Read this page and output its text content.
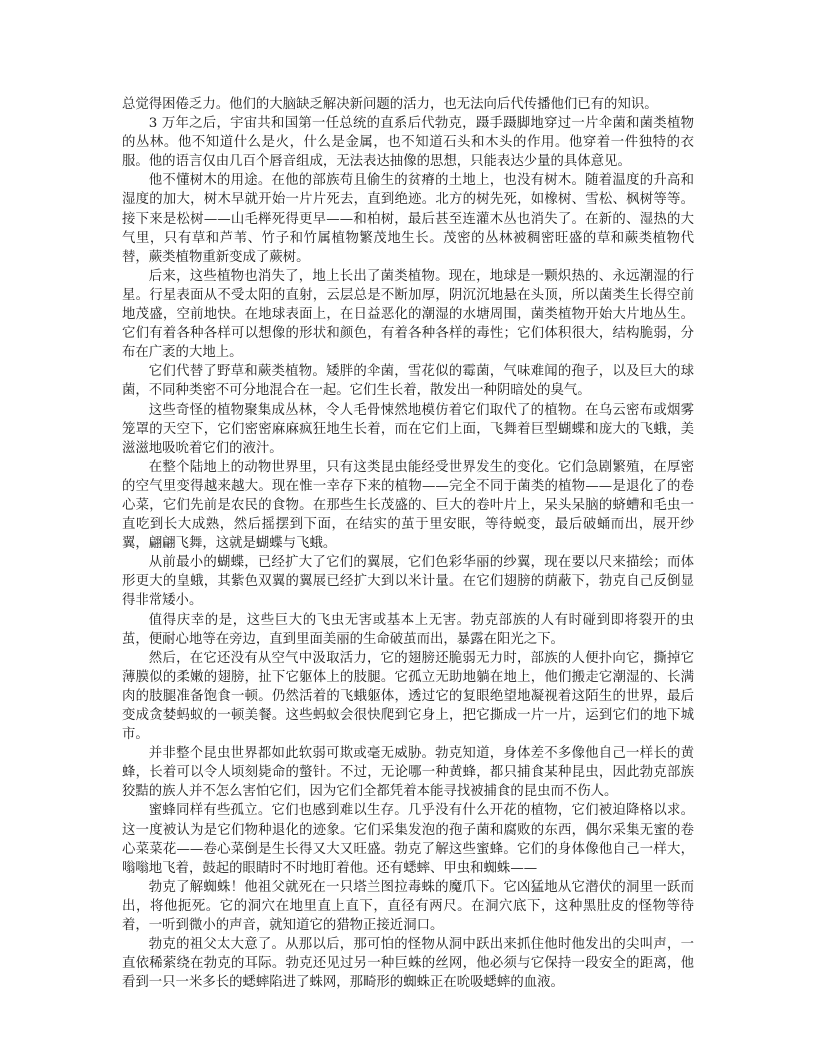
总觉得困倦乏力。他们的大脑缺乏解决新问题的活力，也无法向后代传播他们已有的知识。

3 万年之后，宇宙共和国第一任总统的直系后代勃克，蹑手蹑脚地穿过一片伞菌和菌类植物的丛林。他不知道什么是火，什么是金属，也不知道石头和木头的作用。他穿着一件独特的衣服。他的语言仅由几百个唇音组成，无法表达抽像的思想，只能表达少量的具体意见。

他不懂树木的用途。在他的部族苟且偷生的贫瘠的土地上，也没有树木。随着温度的升高和湿度的加大，树木早就开始一片片死去，直到绝迹。北方的树先死，如橡树、雪松、枫树等等。接下来是松树——山毛榉死得更早——和柏树，最后甚至连灌木丛也消失了。在新的、湿热的大气里，只有草和芦苇、竹子和竹属植物繁茂地生长。茂密的丛林被稠密旺盛的草和蕨类植物代替，蕨类植物重新变成了蕨树。

后来，这些植物也消失了，地上长出了菌类植物。现在，地球是一颗炽热的、永远潮湿的行星。行星表面从不受太阳的直射，云层总是不断加厚，阴沉沉地悬在头顶，所以菌类生长得空前地茂盛，空前地快。在地球表面上，在日益恶化的潮湿的水塘周围，菌类植物开始大片地丛生。它们有着各种各样可以想像的形状和颜色，有着各种各样的毒性；它们体积很大，结构脆弱，分布在广袤的大地上。

它们代替了野草和蕨类植物。矮胖的伞菌，雪花似的霉菌，气味难闻的孢子，以及巨大的球菌，不同种类密不可分地混合在一起。它们生长着，散发出一种阴暗处的臭气。

这些奇怪的植物聚集成丛林，令人毛骨悚然地模仿着它们取代了的植物。在乌云密布或烟雾笼罩的天空下，它们密密麻麻疯狂地生长着，而在它们上面，飞舞着巨型蝴蝶和庞大的飞蛾，美滋滋地吸吮着它们的液汁。

在整个陆地上的动物世界里，只有这类昆虫能经受世界发生的变化。它们急剧繁殖，在厚密的空气里变得越来越大。现在惟一幸存下来的植物——完全不同于菌类的植物——是退化了的卷心菜，它们先前是农民的食物。在那些生长茂盛的、巨大的卷叶片上，呆头呆脑的蛴螬和毛虫一直吃到长大成熟，然后摇摆到下面，在结实的茧于里安眠，等待蜕变，最后破蛹而出，展开纱翼，翩翩飞舞，这就是蝴蝶与飞蛾。

从前最小的蝴蝶，已经扩大了它们的翼展，它们色彩华丽的纱翼，现在要以尺来描绘；而体形更大的皇蛾，其紫色双翼的翼展已经扩大到以米计量。在它们翅膀的荫蔽下，勃克自己反倒显得非常矮小。

值得庆幸的是，这些巨大的飞虫无害或基本上无害。勃克部族的人有时碰到即将裂开的虫茧，便耐心地等在旁边，直到里面美丽的生命破茧而出，暴露在阳光之下。

然后，在它还没有从空气中汲取活力，它的翅膀还脆弱无力时，部族的人便扑向它，撕掉它薄膜似的柔嫩的翅膀，扯下它躯体上的肢腿。它孤立无助地躺在地上，他们搬走它潮湿的、长满肉的肢腿准备饱食一顿。仍然活着的飞蛾躯体，透过它的复眼绝望地凝视着这陌生的世界，最后变成贪婪蚂蚁的一顿美餐。这些蚂蚁会很快爬到它身上，把它撕成一片一片，运到它们的地下城市。

并非整个昆虫世界都如此软弱可欺或毫无威胁。勃克知道，身体差不多像他自己一样长的黄蜂，长着可以令人顷刻毙命的螫针。不过，无论哪一种黄蜂，都只捕食某种昆虫，因此勃克部族狡黠的族人并不怎么害怕它们，因为它们全都凭着本能寻找被捕食的昆虫而不伤人。

蜜蜂同样有些孤立。它们也感到难以生存。几乎没有什么开花的植物，它们被迫降格以求。这一度被认为是它们物种退化的迹象。它们采集发泡的孢子菌和腐败的东西，偶尔采集无蜜的卷心菜菜花——卷心菜倒是生长得又大又旺盛。勃克了解这些蜜蜂。它们的身体像他自己一样大，嗡嗡地飞着，鼓起的眼睛时不时地盯着他。还有蟋蟀、甲虫和蜘蛛——

勃克了解蜘蛛！他祖父就死在一只塔兰图拉毒蛛的魔爪下。它凶猛地从它潜伏的洞里一跃而出，将他扼死。它的洞穴在地里直上直下，直径有两尺。在洞穴底下，这种黑肚皮的怪物等待着，一听到微小的声音，就知道它的猎物正接近洞口。

勃克的祖父太大意了。从那以后，那可怕的怪物从洞中跃出来抓住他时他发出的尖叫声，一直依稀萦绕在勃克的耳际。勃克还见过另一种巨蛛的丝网，他必须与它保持一段安全的距离，他看到一只一米多长的蟋蟀陷进了蛛网，那畸形的蜘蛛正在吮吸蟋蟀的血液。
